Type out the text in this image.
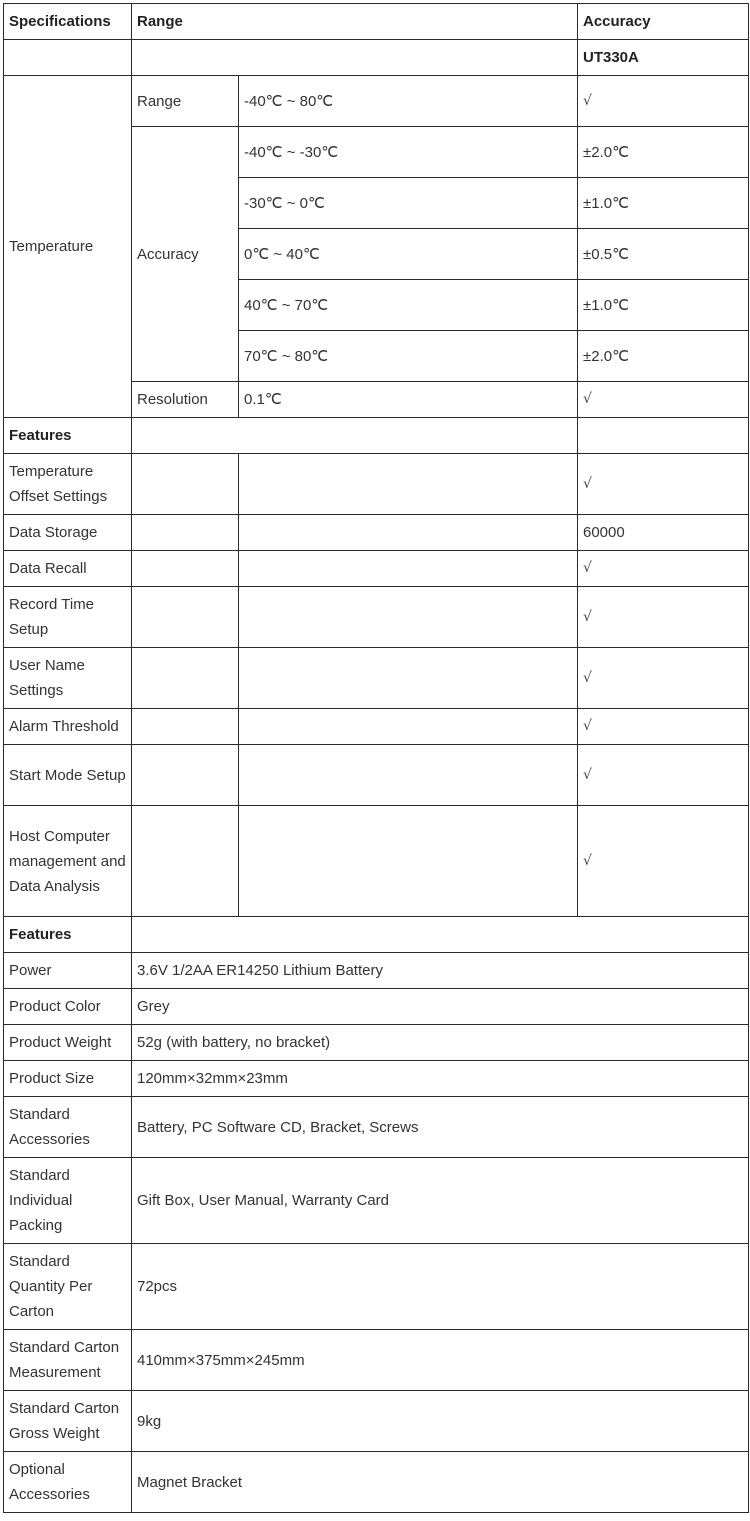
Specifications	Range		Accuracy
			UT330A
Temperature	Range	-40℃ ~ 80℃	√
	Accuracy	-40℃ ~ -30℃	±2.0℃
		-30℃ ~ 0℃	±1.0℃
		0℃ ~ 40℃	±0.5℃
		40℃ ~ 70℃	±1.0℃
		70℃ ~ 80℃	±2.0℃
	Resolution	0.1℃	√
Features			
Temperature Offset Settings			√
Data Storage			60000
Data Recall			√
Record Time Setup			√
User Name Settings			√
Alarm Threshold			√
Start Mode Setup			√
Host Computer management and Data Analysis			√
Features			
Power	3.6V 1/2AA ER14250 Lithium Battery		
Product Color	Grey		
Product Weight	52g (with battery, no bracket)		
Product Size	120mm×32mm×23mm		
Standard Accessories	Battery, PC Software CD, Bracket, Screws		
Standard Individual Packing	Gift Box, User Manual, Warranty Card		
Standard Quantity Per Carton	72pcs		
Standard Carton Measurement	410mm×375mm×245mm		
Standard Carton Gross Weight	9kg		
Optional Accessories	Magnet Bracket		
